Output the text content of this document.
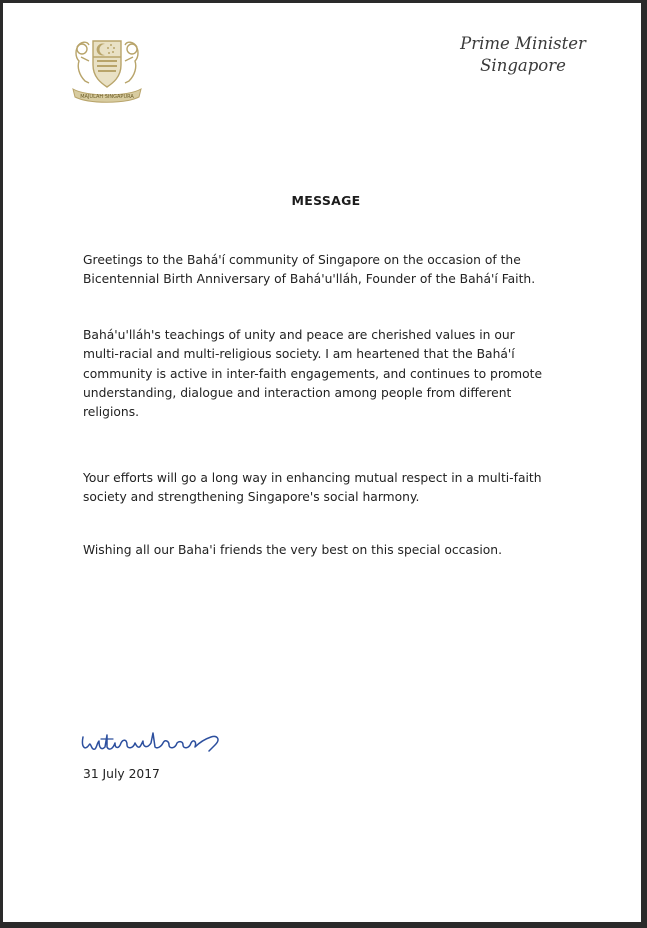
MAJULAH SINGAPURA
Prime Minister
Singapore
MESSAGE

Greetings to the Bahá'í community of Singapore on the occasion of the Bicentennial Birth Anniversary of Bahá'u'lláh, Founder of the Bahá'í Faith.

Bahá'u'lláh's teachings of unity and peace are cherished values in our multi-racial and multi-religious society. I am heartened that the Bahá'í community is active in inter-faith engagements, and continues to promote understanding, dialogue and interaction among people from different religions.

Your efforts will go a long way in enhancing mutual respect in a multi-faith society and strengthening Singapore's social harmony.

Wishing all our Baha'i friends the very best on this special occasion.

31 July 2017
